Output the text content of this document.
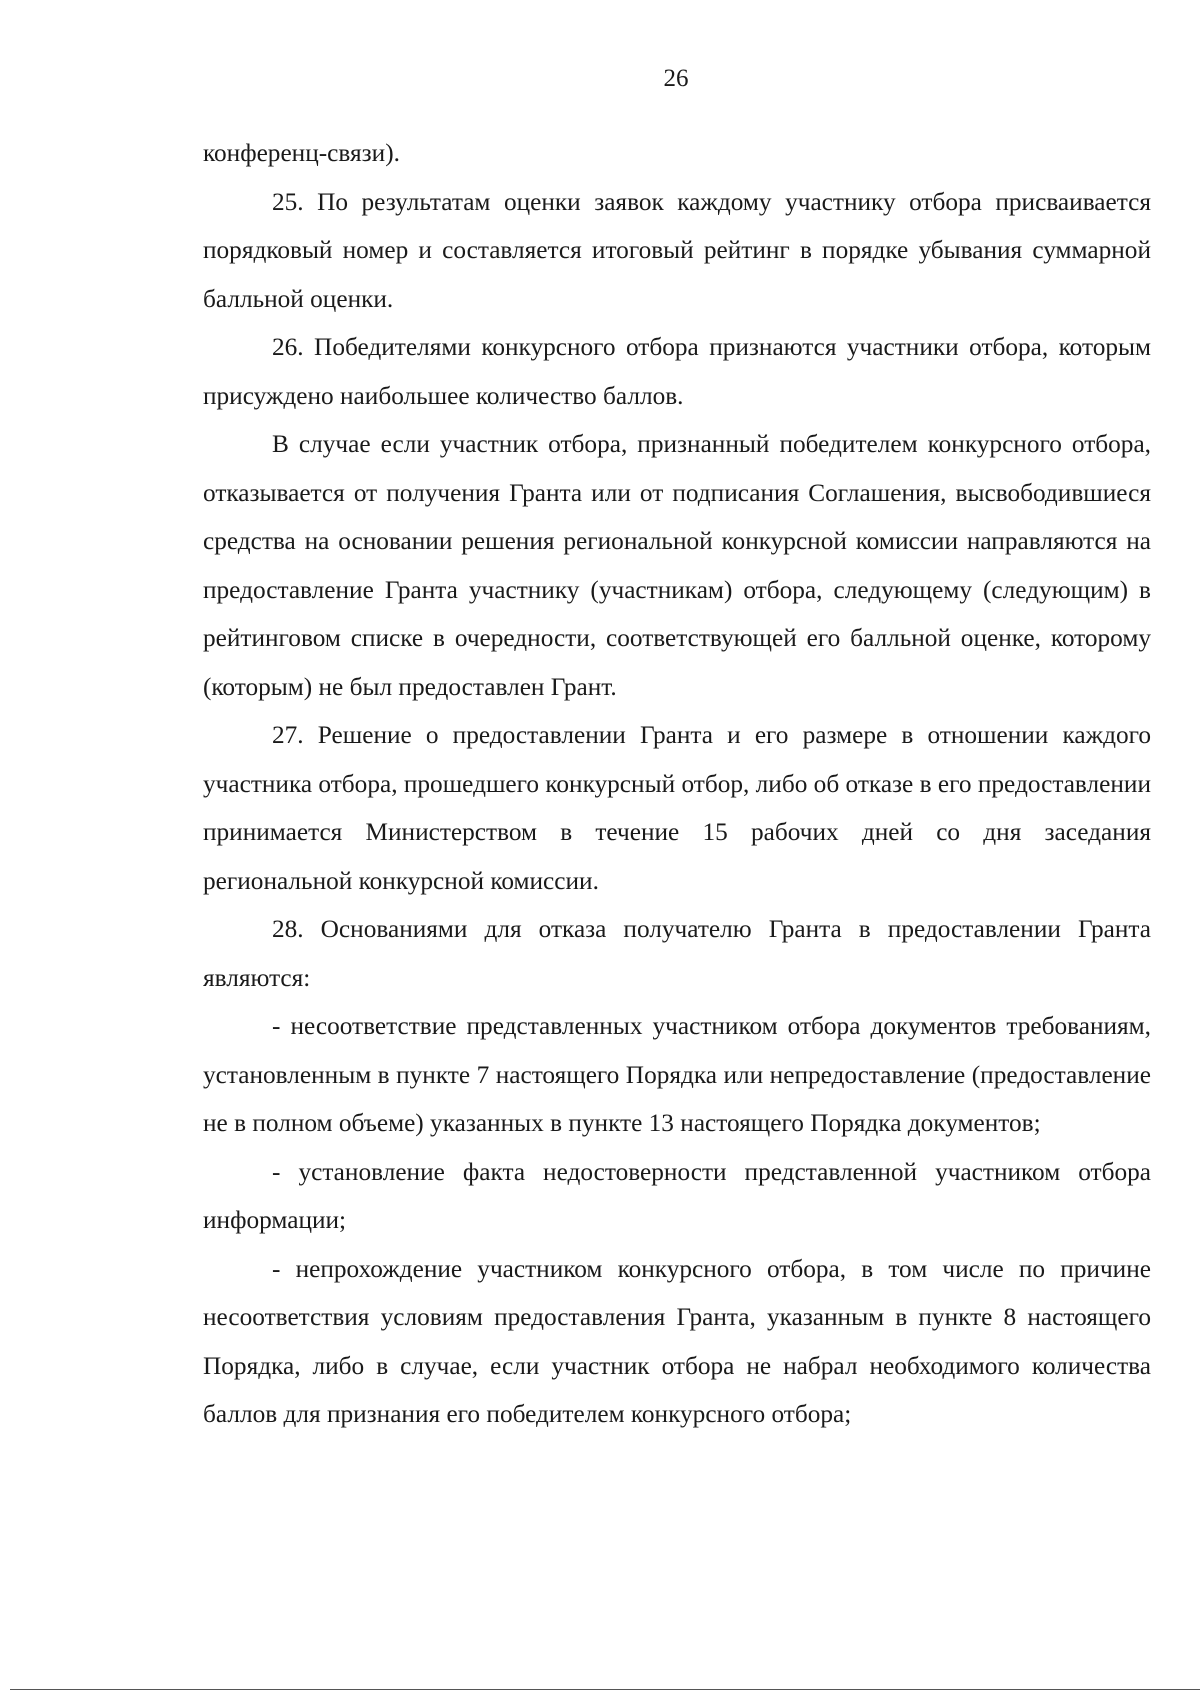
26

конференц-связи).

25. По результатам оценки заявок каждому участнику отбора присваивается порядковый номер и составляется итоговый рейтинг в порядке убывания суммарной балльной оценки.

26. Победителями конкурсного отбора признаются участники отбора, которым присуждено наибольшее количество баллов.

В случае если участник отбора, признанный победителем конкурсного отбора, отказывается от получения Гранта или от подписания Соглашения, высвободившиеся средства на основании решения региональной конкурсной комиссии направляются на предоставление Гранта участнику (участникам) отбора, следующему (следующим) в рейтинговом списке в очередности, соответствующей его балльной оценке, которому (которым) не был предоставлен Грант.

27. Решение о предоставлении Гранта и его размере в отношении каждого участника отбора, прошедшего конкурсный отбор, либо об отказе в его предоставлении принимается Министерством в течение 15 рабочих дней со дня заседания региональной конкурсной комиссии.

28. Основаниями для отказа получателю Гранта в предоставлении Гранта являются:

- несоответствие представленных участником отбора документов требованиям, установленным в пункте 7 настоящего Порядка или непредоставление (предоставление не в полном объеме) указанных в пункте 13 настоящего Порядка документов;

- установление факта недостоверности представленной участником отбора информации;

- непрохождение участником конкурсного отбора, в том числе по причине несоответствия условиям предоставления Гранта, указанным в пункте 8 настоящего Порядка, либо в случае, если участник отбора не набрал необходимого количества баллов для признания его победителем конкурсного отбора;
